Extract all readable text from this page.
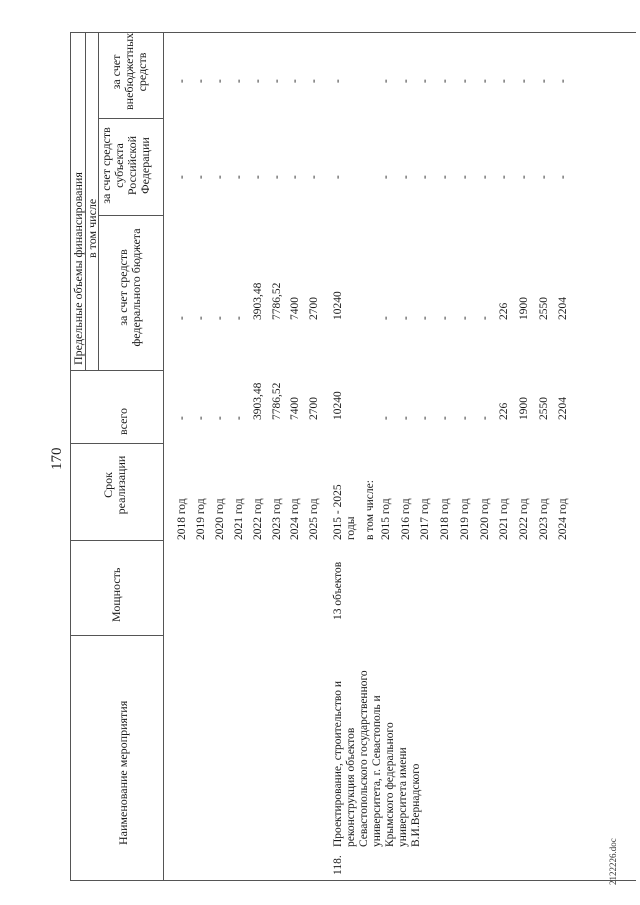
170
2122226.doc
Наименование мероприятия
Мощность
Срок реализации
всего
Предельные объемы финансирования в том числе
за счет средств федерального бюджета
за счет средств субъекта Российской Федерации
за счет внебюджетных средств
118.
Проектирование, строительство и реконструкция объектов Севастопольского государственного университета, г. Севастополь и Крымского федерального университета имени В.И.Вернадского
13 объектов
2015 - 2025 годы
10240
10240
-
-
в том числе:
2018 год
-
-
-
-
2019 год
-
-
-
-
2020 год
-
-
-
-
2021 год
-
-
-
-
2022 год
3903,48
3903,48
-
-
2023 год
7786,52
7786,52
-
-
2024 год
7400
7400
-
-
2025 год
2700
2700
-
-
2015 год
-
-
-
-
2016 год
-
-
-
-
2017 год
-
-
-
-
2018 год
-
-
-
-
2019 год
-
-
-
-
2020 год
-
-
-
-
2021 год
226
226
-
-
2022 год
1900
1900
-
-
2023 год
2550
2550
-
-
2024 год
2204
2204
-
-
